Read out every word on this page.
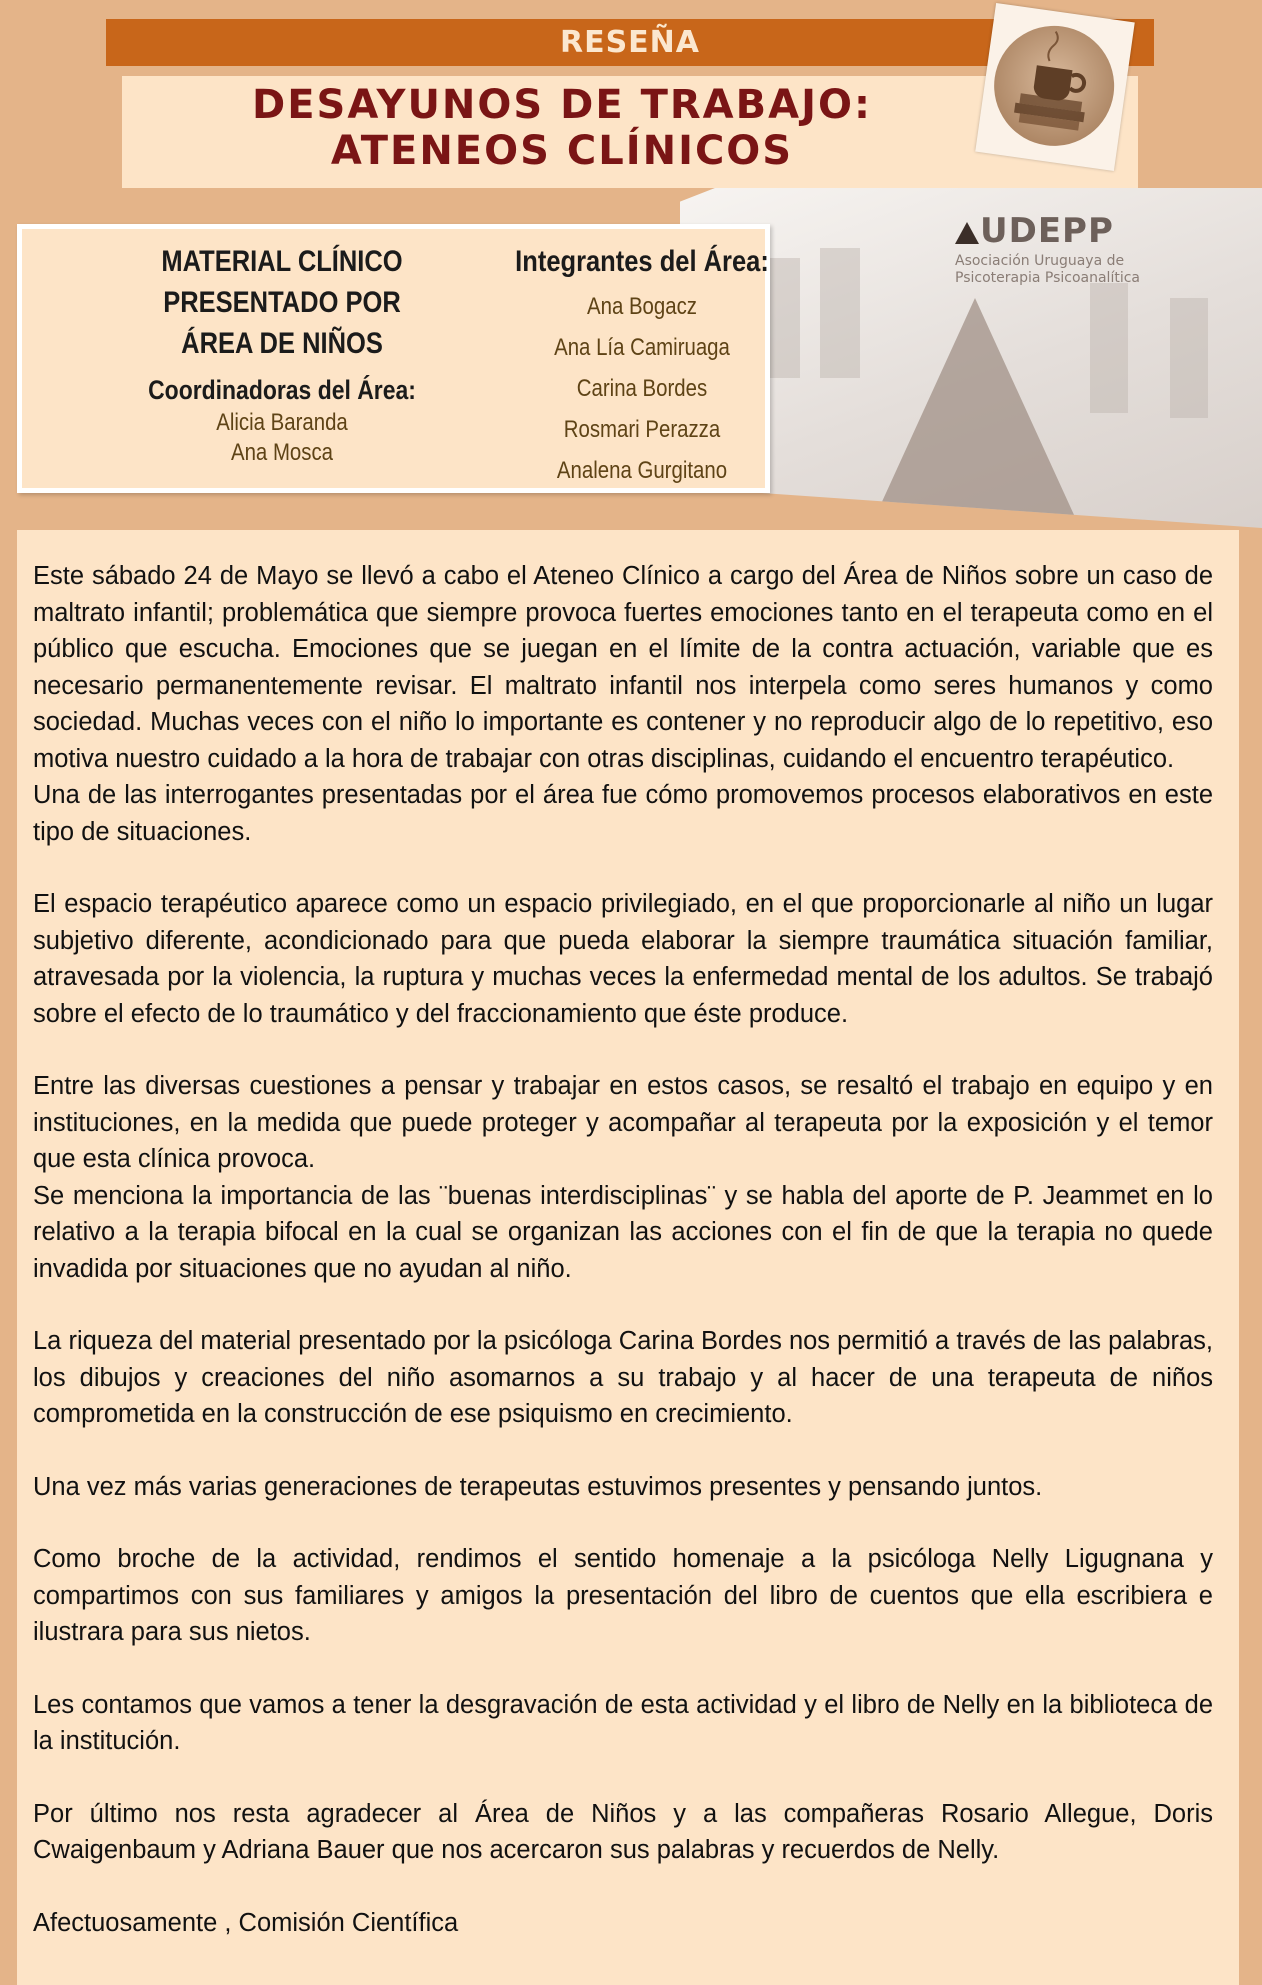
RESEÑA
DESAYUNOS DE TRABAJO:
ATENEOS CLÍNICOS
UDEPP
Asociación Uruguaya de
Psicoterapia Psicoanalítica
MATERIAL CLÍNICO
PRESENTADO POR
ÁREA DE NIÑOS
Coordinadoras del Área:
Alicia Baranda
Ana Mosca
Integrantes del Área:
Ana Bogacz
Ana Lía Camiruaga
Carina Bordes
Rosmari Perazza
Analena Gurgitano

Este sábado 24 de Mayo se llevó a cabo el Ateneo Clínico a cargo del Área de Niños sobre un caso de maltrato infantil; problemática que siempre provoca fuertes emociones tanto en el terapeuta como en el público que escucha. Emociones que se juegan en el límite de la contra actuación, variable que es necesario permanentemente revisar. El maltrato infantil nos interpela como seres humanos y como sociedad. Muchas veces con el niño lo importante es contener y no reproducir algo de lo repetitivo, eso motiva nuestro cuidado a la hora de trabajar con otras disciplinas, cuidando el encuentro terapéutico.

Una de las interrogantes presentadas por el área fue cómo promovemos procesos elaborativos en este tipo de situaciones.

El espacio terapéutico aparece como un espacio privilegiado, en el que proporcionarle al niño un lugar subjetivo diferente, acondicionado para que pueda elaborar la siempre traumática situación familiar, atravesada por la violencia, la ruptura y muchas veces la enfermedad mental de los adultos. Se trabajó sobre el efecto de lo traumático y del fraccionamiento que éste produce.

Entre las diversas cuestiones a pensar y trabajar en estos casos, se resaltó el trabajo en equipo y en instituciones, en la medida que puede proteger y acompañar al terapeuta por la exposición y el temor que esta clínica provoca.

Se menciona la importancia de las ¨buenas interdisciplinas¨ y se habla del aporte de P. Jeammet en lo relativo a la terapia bifocal en la cual se organizan las acciones con el fin de que la terapia no quede invadida por situaciones que no ayudan al niño.

La riqueza del material presentado por la psicóloga Carina Bordes nos permitió a través de las palabras, los dibujos y creaciones del niño asomarnos a su trabajo y al hacer de una terapeuta de niños comprometida en la construcción de ese psiquismo en crecimiento.

Una vez más varias generaciones de terapeutas estuvimos presentes y pensando juntos.

Como broche de la actividad, rendimos el sentido homenaje a la psicóloga Nelly Ligugnana y compartimos con sus familiares y amigos la presentación del libro de cuentos que ella escribiera e ilustrara para sus nietos.

Les contamos que vamos a tener la desgravación de esta actividad y el libro de Nelly en la biblioteca de la institución.

Por último nos resta agradecer al Área de Niños y a las compañeras Rosario Allegue, Doris Cwaigenbaum y Adriana Bauer que nos acercaron sus palabras y recuerdos de Nelly.

Afectuosamente , Comisión Científica
